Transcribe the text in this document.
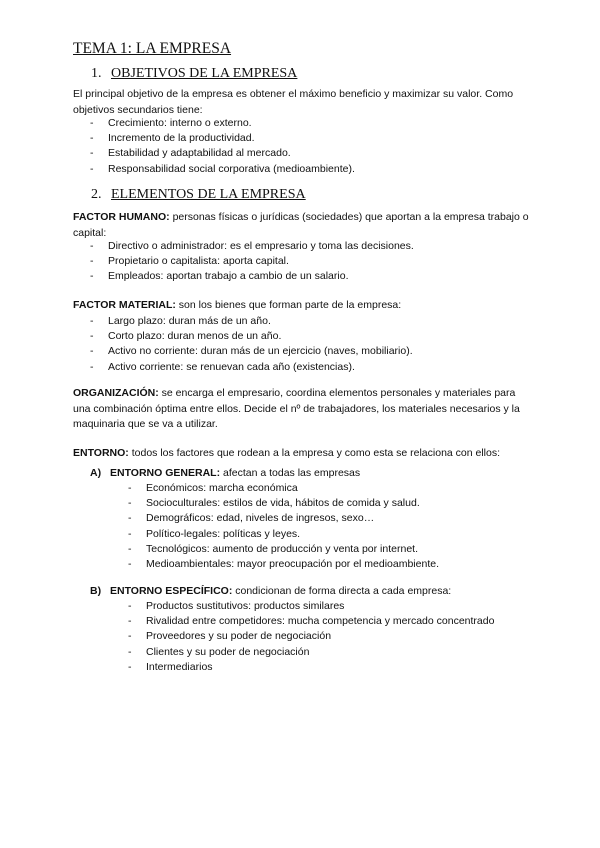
TEMA 1: LA EMPRESA
1. OBJETIVOS DE LA EMPRESA
El principal objetivo de la empresa es obtener el máximo beneficio y maximizar su valor. Como objetivos secundarios tiene:
- Crecimiento: interno o externo.
- Incremento de la productividad.
- Estabilidad y adaptabilidad al mercado.
- Responsabilidad social corporativa (medioambiente).
2. ELEMENTOS DE LA EMPRESA
FACTOR HUMANO: personas físicas o jurídicas (sociedades) que aportan a la empresa trabajo o capital:
- Directivo o administrador: es el empresario y toma las decisiones.
- Propietario o capitalista: aporta capital.
- Empleados: aportan trabajo a cambio de un salario.
FACTOR MATERIAL: son los bienes que forman parte de la empresa:
- Largo plazo: duran más de un año.
- Corto plazo: duran menos de un año.
- Activo no corriente: duran más de un ejercicio (naves, mobiliario).
- Activo corriente: se renuevan cada año (existencias).
ORGANIZACIÓN: se encarga el empresario, coordina elementos personales y materiales para una combinación óptima entre ellos. Decide el nº de trabajadores, los materiales necesarios y la maquinaria que se va a utilizar.
ENTORNO: todos los factores que rodean a la empresa y como esta se relaciona con ellos:
A) ENTORNO GENERAL: afectan a todas las empresas
- Económicos: marcha económica
- Socioculturales: estilos de vida, hábitos de comida y salud.
- Demográficos: edad, niveles de ingresos, sexo…
- Político-legales: políticas y leyes.
- Tecnológicos: aumento de producción y venta por internet.
- Medioambientales: mayor preocupación por el medioambiente.
B) ENTORNO ESPECÍFICO: condicionan de forma directa a cada empresa:
- Productos sustitutivos: productos similares
- Rivalidad entre competidores: mucha competencia y mercado concentrado
- Proveedores y su poder de negociación
- Clientes y su poder de negociación
- Intermediarios
